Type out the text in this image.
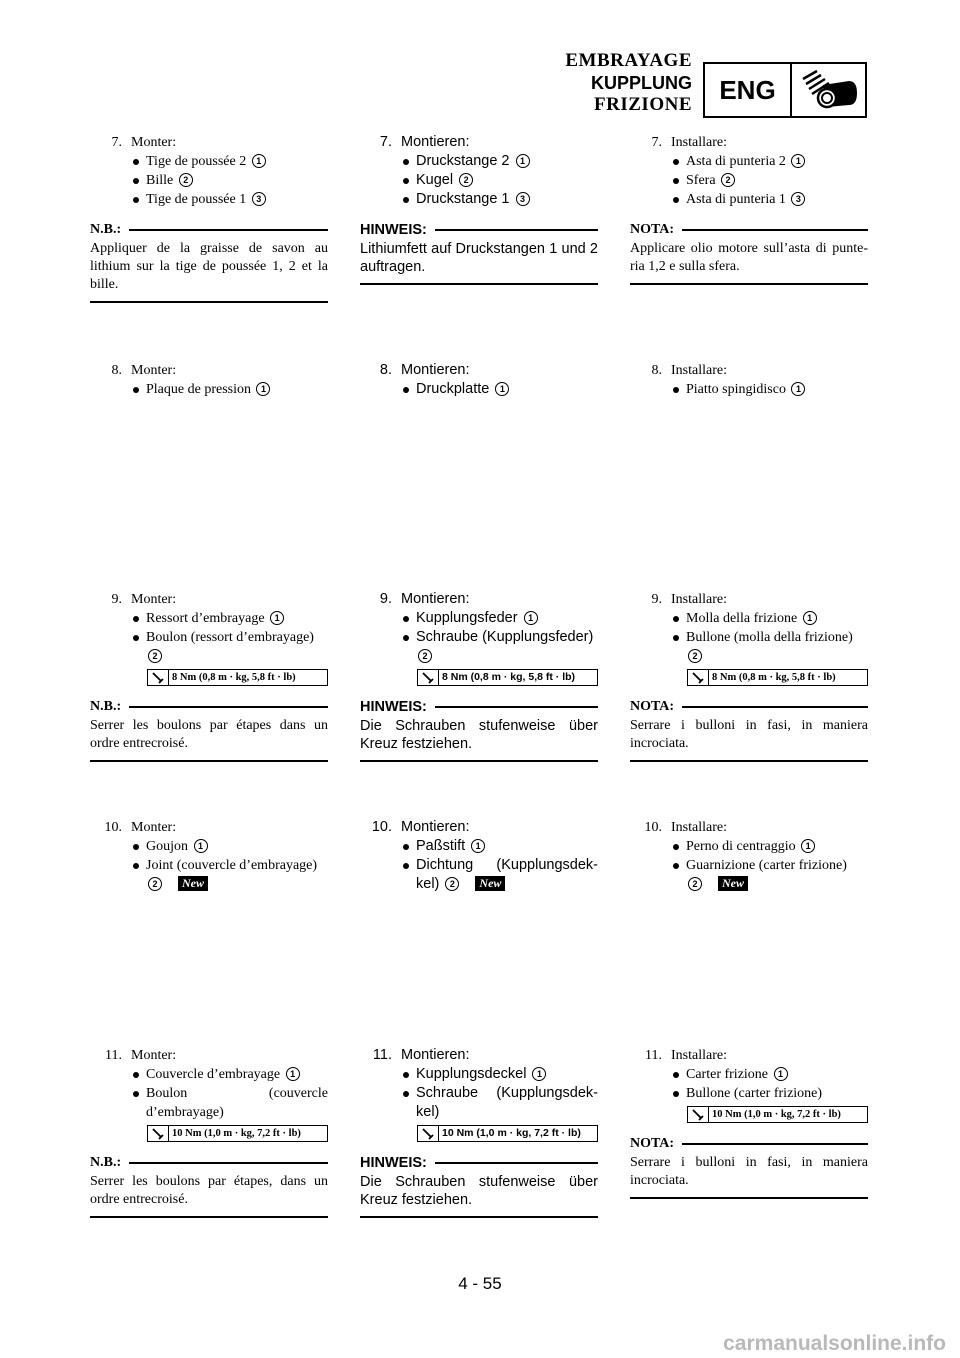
EMBRAYAGE
KUPPLUNG
FRIZIONE	ENG
7. Monter:
Tige de poussée 2 1
Bille 2
Tige de poussée 1 3
N.B.:
Appliquer de la graisse de savon au lithium sur la tige de poussée 1, 2 et la bille.
8. Monter:
Plaque de pression 1
9. Monter:
Ressort d’embrayage 1
Boulon (ressort d’embrayage)
2
8 Nm (0,8 m · kg, 5,8 ft · lb)
N.B.:
Serrer les boulons par étapes dans un ordre entrecroisé.
10. Monter:
Goujon 1
Joint (couvercle d’embrayage)
2 New
11. Monter:
Couvercle d’embrayage 1
Boulon (couvercle d’embrayage)
10 Nm (1,0 m · kg, 7,2 ft · lb)
N.B.:
Serrer les boulons par étapes, dans un ordre entrecroisé.
7. Montieren:
Druckstange 2 1
Kugel 2
Druckstange 1 3
HINWEIS:
Lithiumfett auf Druckstangen 1 und 2 auftragen.
8. Montieren:
Druckplatte 1
9. Montieren:
Kupplungsfeder 1
Schraube (Kupplungsfeder)
2
8 Nm (0,8 m · kg, 5,8 ft · lb)
HINWEIS:
Die Schrauben stufenweise über Kreuz festziehen.
10. Montieren:
Paßstift 1
Dichtung (Kupplungsdek-kel) 2 New
11. Montieren:
Kupplungsdeckel 1
Schraube (Kupplungsdek-kel)
10 Nm (1,0 m · kg, 7,2 ft · lb)
HINWEIS:
Die Schrauben stufenweise über Kreuz festziehen.
7. Installare:
Asta di punteria 2 1
Sfera 2
Asta di punteria 1 3
NOTA:
Applicare olio motore sull’asta di punte-ria 1,2 e sulla sfera.
8. Installare:
Piatto spingidisco 1
9. Installare:
Molla della frizione 1
Bullone (molla della frizione)
2
8 Nm (0,8 m · kg, 5,8 ft · lb)
NOTA:
Serrare i bulloni in fasi, in maniera incrociata.
10. Installare:
Perno di centraggio 1
Guarnizione (carter frizione)
2 New
11. Installare:
Carter frizione 1
Bullone (carter frizione)
10 Nm (1,0 m · kg, 7,2 ft · lb)
NOTA:
Serrare i bulloni in fasi, in maniera incrociata.
4 - 55
carmanualsonline.info
